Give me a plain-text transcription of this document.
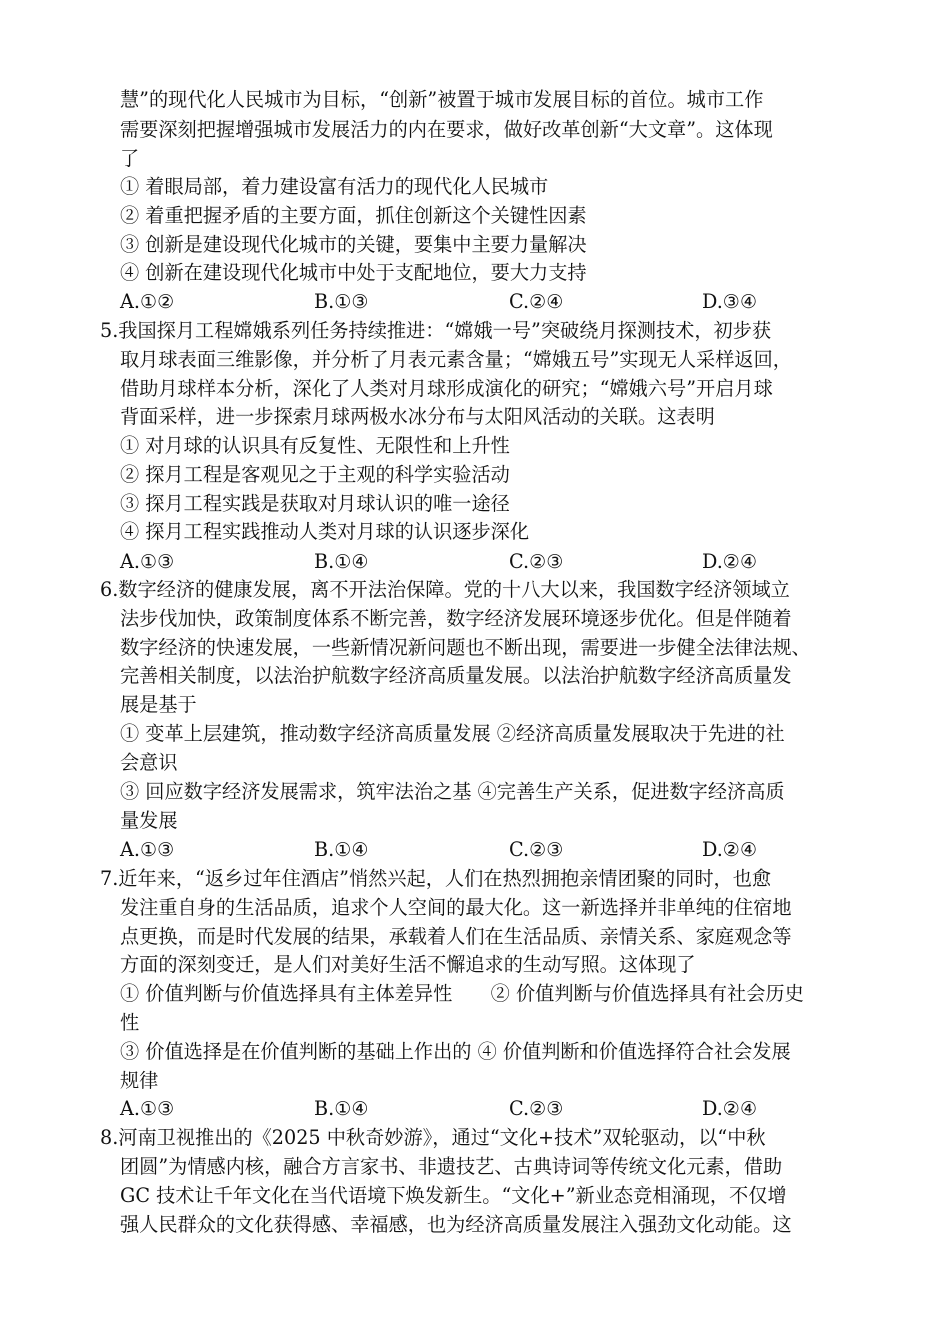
慧”的现代化人民城市为目标，“创新”被置于城市发展目标的首位。城市工作
需要深刻把握增强城市发展活力的内在要求，做好改革创新“大文章”。这体现
了
① 着眼局部，着力建设富有活力的现代化人民城市
② 着重把握矛盾的主要方面，抓住创新这个关键性因素
③ 创新是建设现代化城市的关键，要集中主要力量解决
④ 创新在建设现代化城市中处于支配地位，要大力支持
A.①②	B.①③	C.②④	D.③④
5.我国探月工程嫦娥系列任务持续推进：“嫦娥一号”突破绕月探测技术，初步获
取月球表面三维影像，并分析了月表元素含量；“嫦娥五号”实现无人采样返回，
借助月球样本分析，深化了人类对月球形成演化的研究；“嫦娥六号”开启月球
背面采样，进一步探索月球两极水冰分布与太阳风活动的关联。这表明
① 对月球的认识具有反复性、无限性和上升性
② 探月工程是客观见之于主观的科学实验活动
③ 探月工程实践是获取对月球认识的唯一途径
④ 探月工程实践推动人类对月球的认识逐步深化
A.①③	B.①④	C.②③	D.②④
6.数字经济的健康发展，离不开法治保障。党的十八大以来，我国数字经济领域立
法步伐加快，政策制度体系不断完善，数字经济发展环境逐步优化。但是伴随着
数字经济的快速发展，一些新情况新问题也不断出现，需要进一步健全法律法规、
完善相关制度，以法治护航数字经济高质量发展。以法治护航数字经济高质量发
展是基于
① 变革上层建筑，推动数字经济高质量发展 ②经济高质量发展取决于先进的社
会意识
③ 回应数字经济发展需求，筑牢法治之基 ④完善生产关系，促进数字经济高质
量发展
A.①③	B.①④	C.②③	D.②④
7.近年来，“返乡过年住酒店”悄然兴起，人们在热烈拥抱亲情团聚的同时，也愈
发注重自身的生活品质，追求个人空间的最大化。这一新选择并非单纯的住宿地
点更换，而是时代发展的结果，承载着人们在生活品质、亲情关系、家庭观念等
方面的深刻变迁，是人们对美好生活不懈追求的生动写照。这体现了
① 价值判断与价值选择具有主体差异性　　② 价值判断与价值选择具有社会历史
性
③ 价值选择是在价值判断的基础上作出的 ④ 价值判断和价值选择符合社会发展
规律
A.①③	B.①④	C.②③	D.②④
8.河南卫视推出的《2025 中秋奇妙游》，通过“文化+技术”双轮驱动，以“中秋
团圆”为情感内核，融合方言家书、非遗技艺、古典诗词等传统文化元素，借助
GC 技术让千年文化在当代语境下焕发新生。“文化+”新业态竞相涌现，不仅增
强人民群众的文化获得感、幸福感，也为经济高质量发展注入强劲文化动能。这
